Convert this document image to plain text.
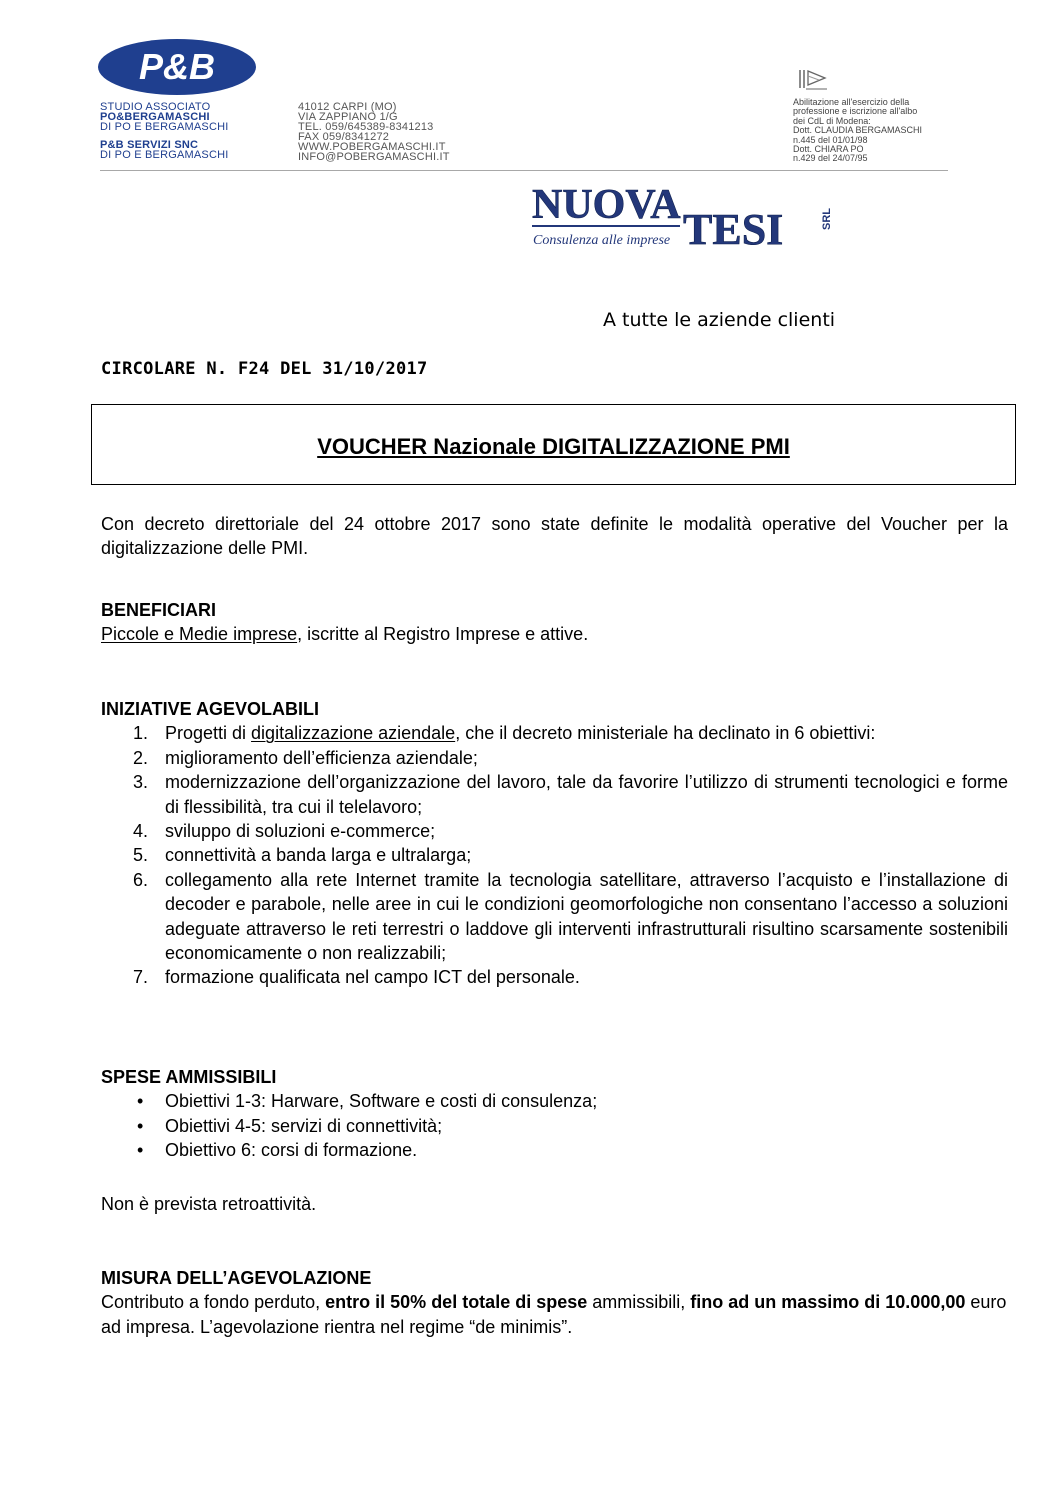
P&B
STUDIO ASSOCIATO
PO&BERGAMASCHI
DI PO E BERGAMASCHI
P&B SERVIZI SNC
DI PO E BERGAMASCHI
41012 CARPI (MO)
VIA ZAPPIANO 1/G
TEL. 059/645389-8341213
FAX 059/8341272
WWW.POBERGAMASCHI.IT
INFO@POBERGAMASCHI.IT
Abilitazione all'esercizio della
professione e iscrizione all'albo
dei CdL di Modena:
Dott. CLAUDIA BERGAMASCHI
n.445 del 01/01/98
Dott. CHIARA PO
n.429 del 24/07/95
NUOVA TESI
Consulenza alle imprese
SRL
A tutte le aziende clienti
CIRCOLARE N. F24 DEL 31/10/2017
VOUCHER Nazionale DIGITALIZZAZIONE PMI
Con decreto direttoriale del 24 ottobre 2017 sono state definite le modalità operative del Voucher per la digitalizzazione delle PMI.
BENEFICIARI
Piccole e Medie imprese, iscritte al Registro Imprese e attive.
INIZIATIVE AGEVOLABILI
1 . Progetti di digitalizzazione aziendale, che il decreto ministeriale ha declinato in 6 obiettivi:
2 . miglioramento dell’efficienza aziendale;
3 . modernizzazione dell’organizzazione del lavoro, tale da favorire l’utilizzo di strumenti tecnologici e forme di flessibilità, tra cui il telelavoro;
4 . sviluppo di soluzioni e-commerce;
5 . connettività a banda larga e ultralarga;
6 . collegamento alla rete Internet tramite la tecnologia satellitare, attraverso l’acquisto e l’installazione di decoder e parabole, nelle aree in cui le condizioni geomorfologiche non consentano l’accesso a soluzioni adeguate attraverso le reti terrestri o laddove gli interventi infrastrutturali risultino scarsamente sostenibili economicamente o non realizzabili;
7 . formazione qualificata nel campo ICT del personale.
SPESE AMMISSIBILI
• Obiettivi 1-3: Harware, Software e costi di consulenza;
• Obiettivi 4-5: servizi di connettività;
• Obiettivo 6: corsi di formazione.
Non è prevista retroattività.
MISURA DELL’AGEVOLAZIONE
Contributo a fondo perduto, entro il 50% del totale di spese ammissibili, fino ad un massimo di 10.000,00 euro ad impresa. L’agevolazione rientra nel regime “de minimis”.
